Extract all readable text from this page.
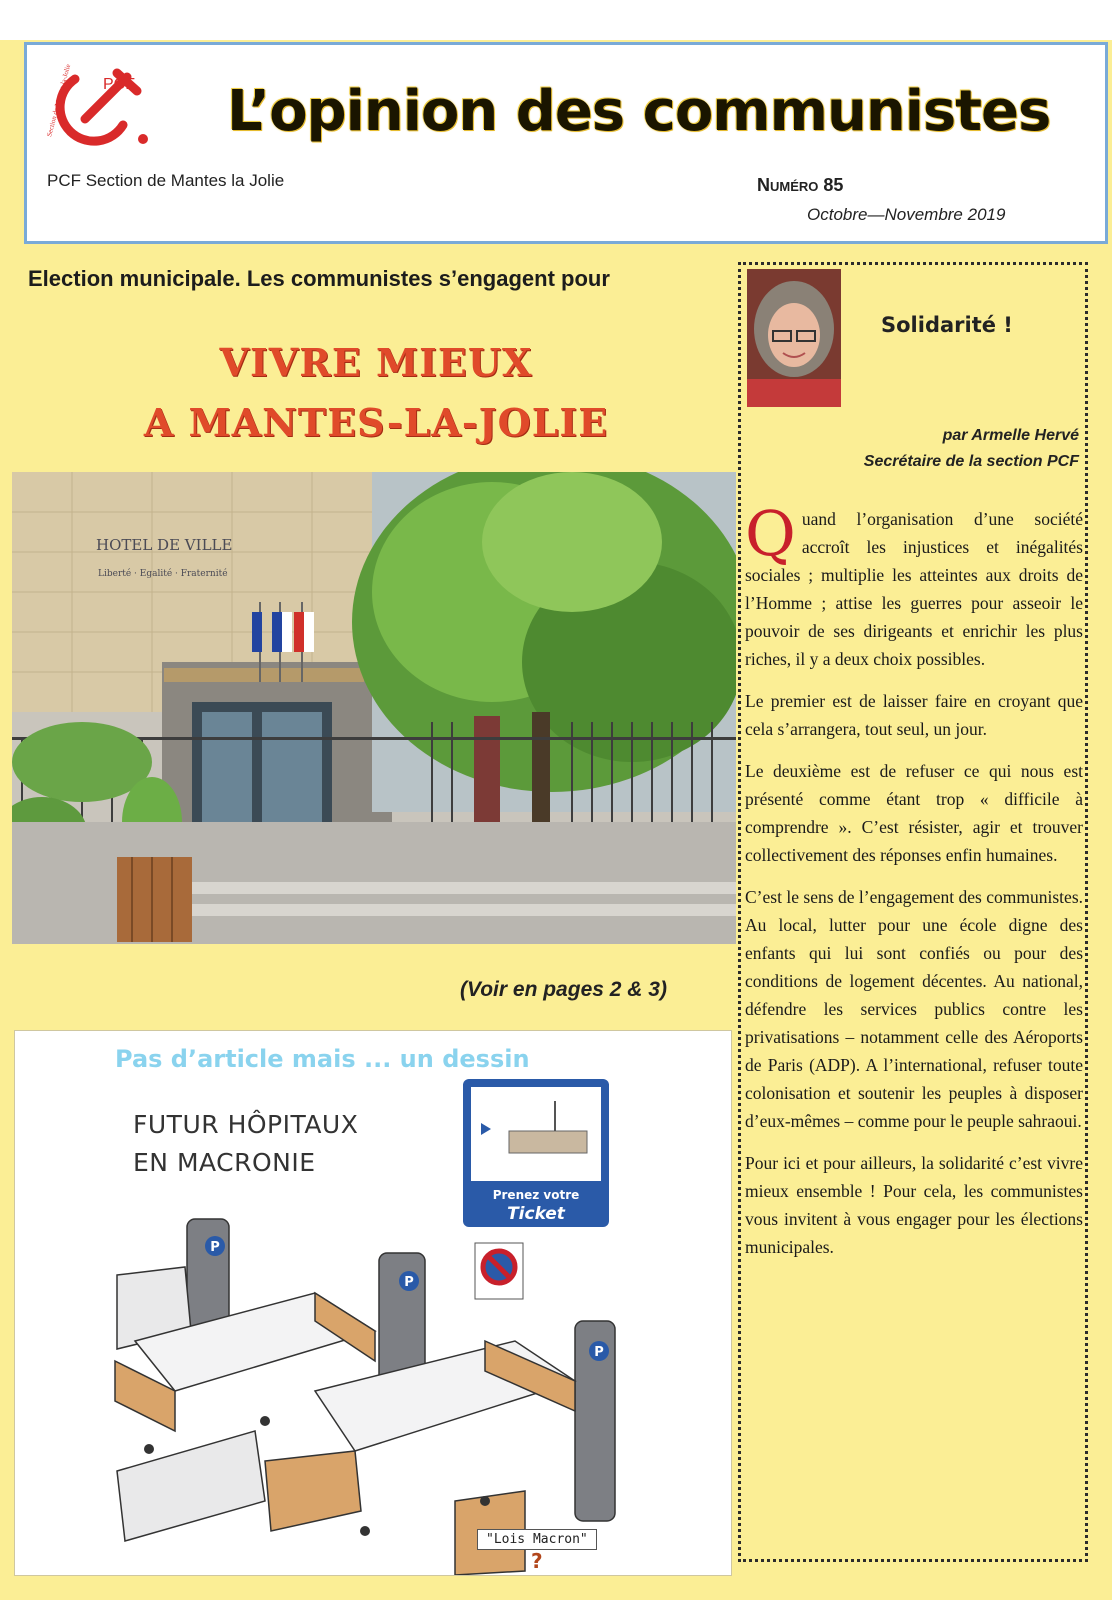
PCF
Section de Mantes-la-Jolie	L’opinion des communistes
PCF Section de Mantes la Jolie	Numéro 85
Octobre—Novembre 2019
Election municipale. Les communistes s’engagent pour
VIVRE MIEUX
A MANTES-LA-JOLIE
HOTEL DE VILLE
Liberté · Egalité · Fraternité
(Voir en pages 2 & 3)
Prenez votre
Ticket
P
P
P
Pas d’article mais ... un dessin
FUTUR HÔPITAUX
EN MACRONIE
"Lois Macron"
?
Solidarité !
par Armelle Hervé
Secrétaire de la section PCF

Quand l’organisation d’une société accroît les injustices et inégalités sociales ; multiplie les atteintes aux droits de l’Homme ; attise les guerres pour asseoir le pouvoir de ses dirigeants et enrichir les plus riches, il y a deux choix possibles.

Le premier est de laisser faire en croyant que cela s’arrangera, tout seul, un jour.

Le deuxième est de refuser ce qui nous est présenté comme étant trop « difficile à comprendre ». C’est résister, agir et trouver collectivement des réponses enfin humaines.

C’est le sens de l’engagement des communistes. Au local, lutter pour une école digne des enfants qui lui sont confiés ou pour des conditions de logement décentes. Au national, défendre les services publics contre les privatisations – notamment celle des Aéroports de Paris (ADP). A l’international, refuser toute colonisation et soutenir les peuples à disposer d’eux-mêmes – comme pour le peuple sahraoui.

Pour ici et pour ailleurs, la solidarité c’est vivre mieux ensemble ! Pour cela, les communistes vous invitent à vous engager pour les élections municipales.
